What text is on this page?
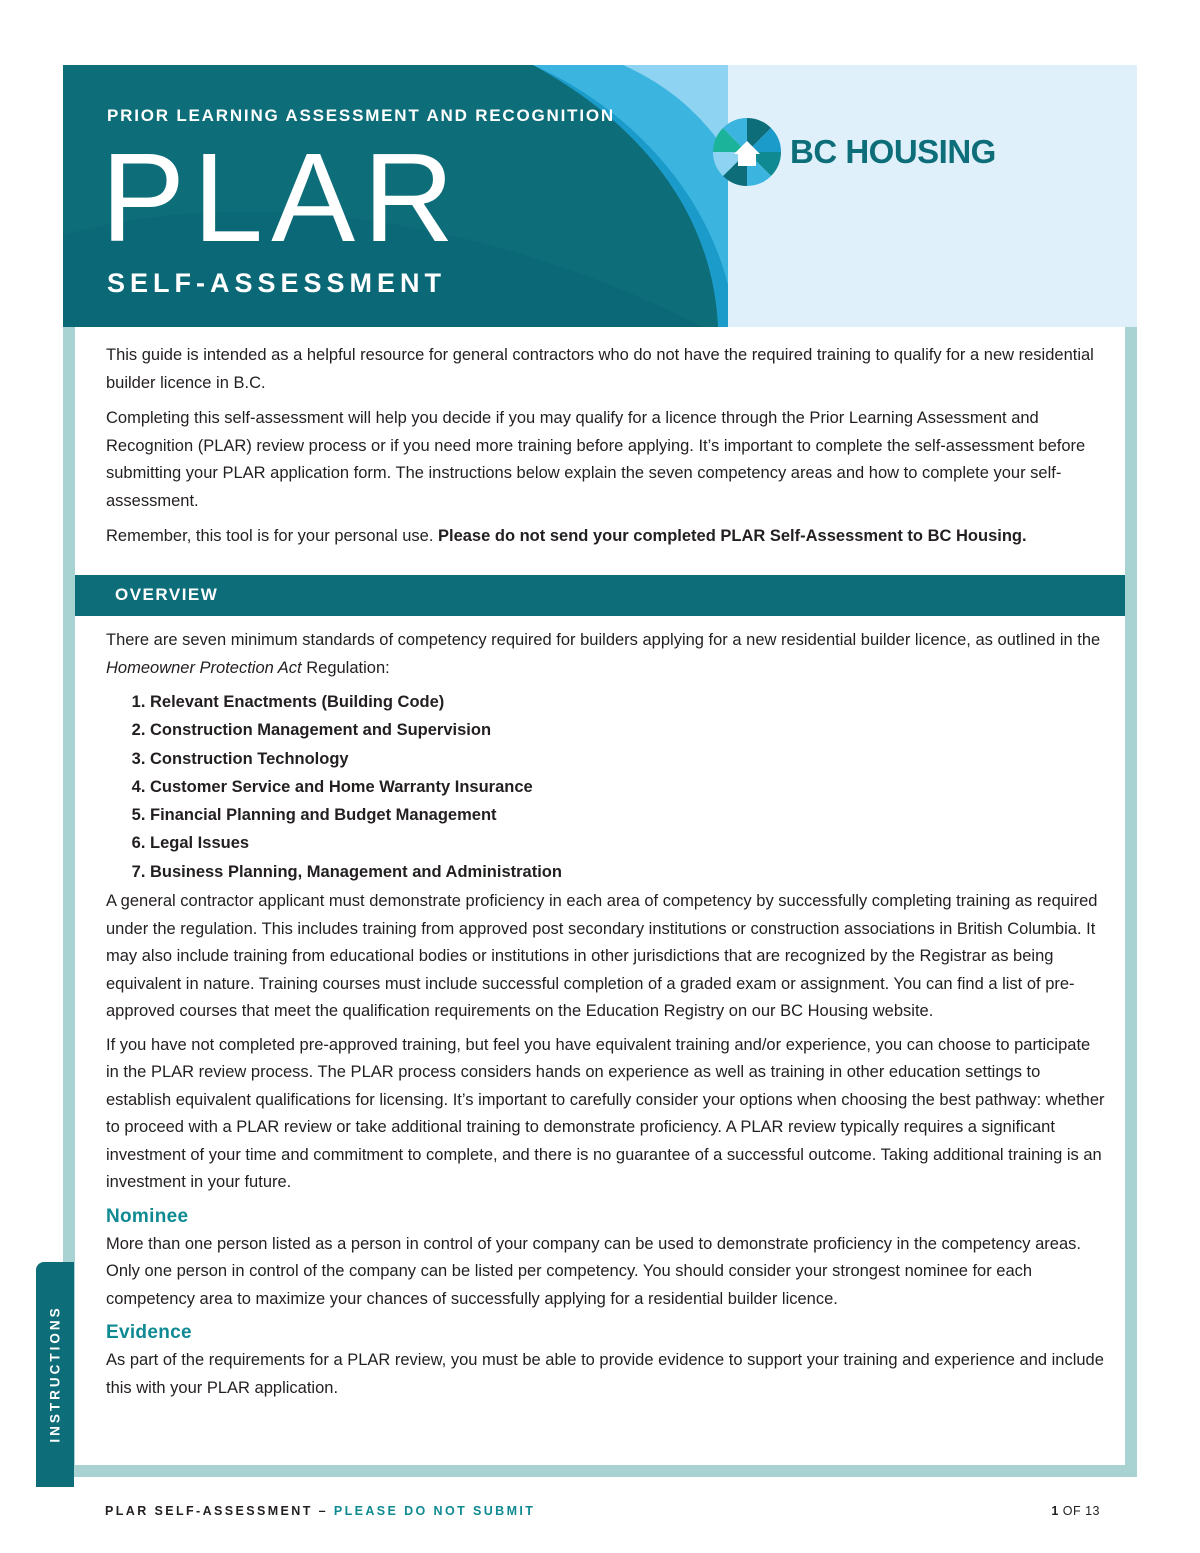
PRIOR LEARNING ASSESSMENT AND RECOGNITION
PLAR
SELF-ASSESSMENT
BC HOUSING

This guide is intended as a helpful resource for general contractors who do not have the required training to qualify for a new residential builder licence in B.C.

Completing this self-assessment will help you decide if you may qualify for a licence through the Prior Learning Assessment and Recognition (PLAR) review process or if you need more training before applying. It’s important to complete the self-assessment before submitting your PLAR application form. The instructions below explain the seven competency areas and how to complete your self-assessment.

Remember, this tool is for your personal use. Please do not send your completed PLAR Self-Assessment to BC Housing.

OVERVIEW

There are seven minimum standards of competency required for builders applying for a new residential builder licence, as outlined in the Homeowner Protection Act Regulation:

1. Relevant Enactments (Building Code)
2. Construction Management and Supervision
3. Construction Technology
4. Customer Service and Home Warranty Insurance
5. Financial Planning and Budget Management
6. Legal Issues
7. Business Planning, Management and Administration

A general contractor applicant must demonstrate proficiency in each area of competency by successfully completing training as required under the regulation. This includes training from approved post secondary institutions or construction associations in British Columbia. It may also include training from educational bodies or institutions in other jurisdictions that are recognized by the Registrar as being equivalent in nature. Training courses must include successful completion of a graded exam or assignment. You can find a list of pre-approved courses that meet the qualification requirements on the Education Registry on our BC Housing website.

If you have not completed pre-approved training, but feel you have equivalent training and/or experience, you can choose to participate in the PLAR review process. The PLAR process considers hands on experience as well as training in other education settings to establish equivalent qualifications for licensing. It’s important to carefully consider your options when choosing the best pathway: whether to proceed with a PLAR review or take additional training to demonstrate proficiency. A PLAR review typically requires a significant investment of your time and commitment to complete, and there is no guarantee of a successful outcome. Taking additional training is an investment in your future.

Nominee

More than one person listed as a person in control of your company can be used to demonstrate proficiency in the competency areas. Only one person in control of the company can be listed per competency. You should consider your strongest nominee for each competency area to maximize your chances of successfully applying for a residential builder licence.

Evidence

As part of the requirements for a PLAR review, you must be able to provide evidence to support your training and experience and include this with your PLAR application.

INSTRUCTIONS
PLAR SELF-ASSESSMENT – PLEASE DO NOT SUBMIT	1 OF 13
